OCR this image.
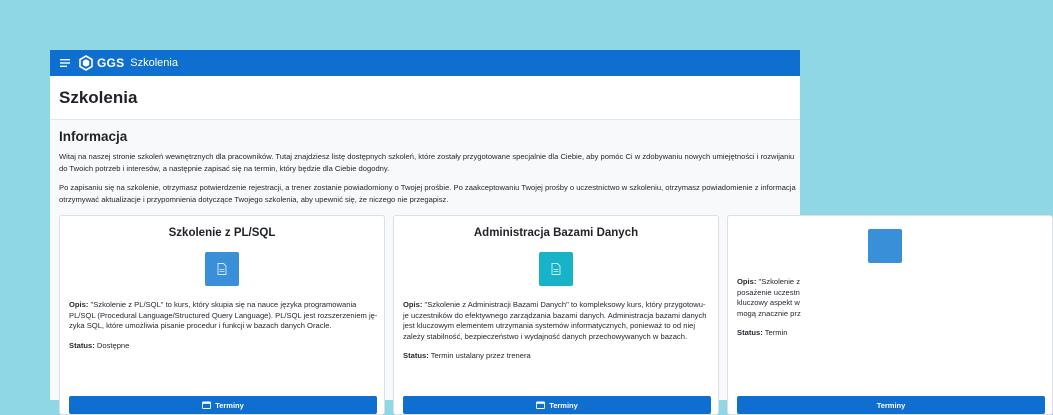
GGS Szkolenia
Szkolenia
Informacja

Witaj na naszej stronie szkoleń wewnętrznych dla pracowników. Tutaj znajdziesz listę dostępnych szkoleń, które zostały przygotowane specjalnie dla Ciebie, aby pomóc Ci w zdobywaniu nowych umiejętności i rozwijaniu
do Twoich potrzeb i interesów, a następnie zapisać się na termin, który będzie dla Ciebie dogodny.

Po zapisaniu się na szkolenie, otrzymasz potwierdzenie rejestracji, a trener zostanie powiadomiony o Twojej prośbie. Po zaakceptowaniu Twojej prośby o uczestnictwo w szkoleniu, otrzymasz powiadomienie z informacja
otrzymywać aktualizacje i przypomnienia dotyczące Twojego szkolenia, aby upewnić się, że niczego nie przegapisz.

Szkolenie z PL/SQL
Opis: "Szkolenie z PL/SQL" to kurs, który skupia się na nauce języka programowania
PL/SQL (Procedural Language/Structured Query Language). PL/SQL jest rozszerzeniem ję-
zyka SQL, które umożliwia pisanie procedur i funkcji w bazach danych Oracle.
Status: Dostępne
Terminy
Administracja Bazami Danych
Opis: "Szkolenie z Administracji Bazami Danych" to kompleksowy kurs, który przygotowu-
je uczestników do efektywnego zarządzania bazami danych. Administracja bazami danych
jest kluczowym elementem utrzymania systemów informatycznych, ponieważ to od niej
zależy stabilność, bezpieczeństwo i wydajność danych przechowywanych w bazach.
Status: Termin ustalany przez trenera
Terminy
Opis: "Szkolenie z
posażenie uczestn
kluczowy aspekt w
mogą znacznie prz
Status: Termin
Terminy
